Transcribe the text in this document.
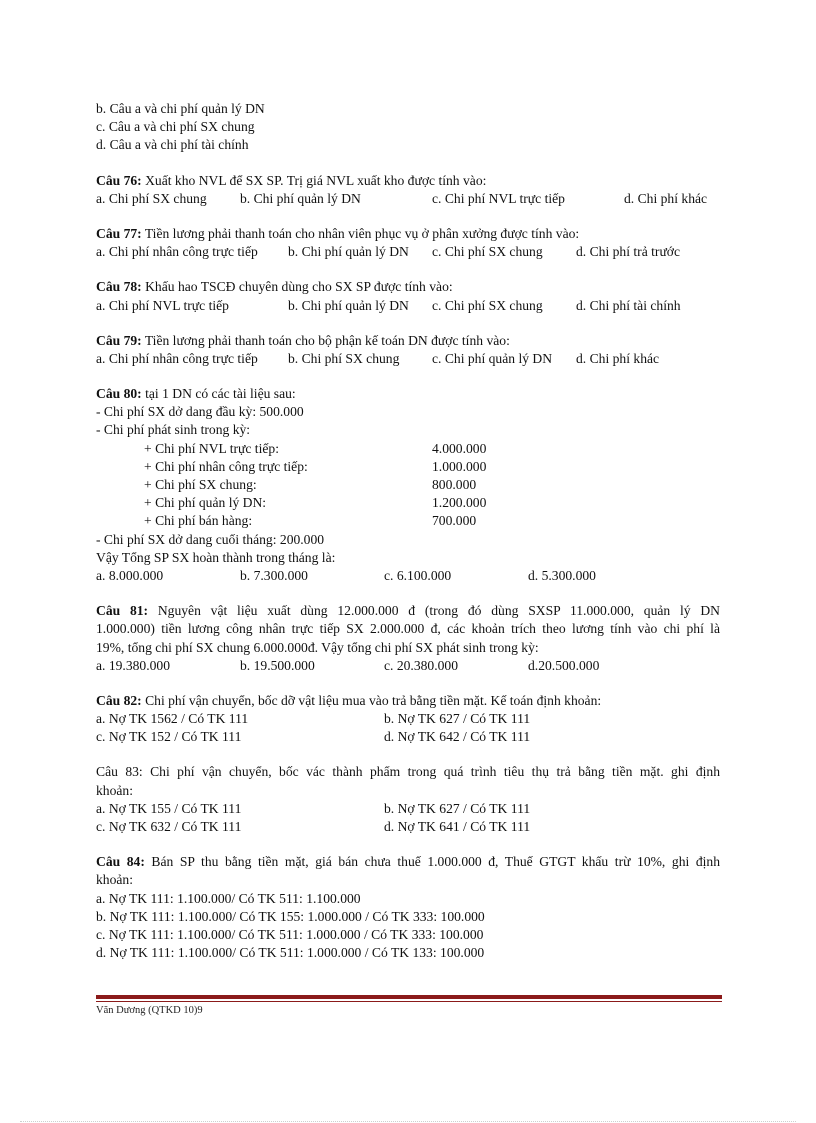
b. Câu a và chi phí quản lý DN
c. Câu a và chi phí SX chung
d. Câu a và chi phí tài chính
Câu 76: Xuất kho NVL để SX SP. Trị giá NVL xuất kho được tính vào:
a. Chi phí SX chung b. Chi phí quản lý DN	c. Chi phí NVL trực tiếp	d. Chi phí khác
Câu 77: Tiền lương phải thanh toán cho nhân viên phục vụ ở phân xưởng được tính vào:
a. Chi phí nhân công trực tiếp b. Chi phí quản lý DN c. Chi phí SX chung d. Chi phí trả trước
Câu 78: Khấu hao TSCĐ chuyên dùng cho SX SP được tính vào:
a. Chi phí NVL trực tiếp	b. Chi phí quản lý DN c. Chi phí SX chung d. Chi phí tài chính
Câu 79: Tiền lương phải thanh toán cho bộ phận kế toán DN được tính vào:
a. Chi phí nhân công trực tiếp b. Chi phí SX chung c. Chi phí quản lý DN d. Chi phí khác
Câu 80: tại 1 DN có các tài liệu sau:
- Chi phí SX dở dang đầu kỳ: 500.000
- Chi phí phát sinh trong kỳ:
+ Chi phí NVL trực tiếp:	4.000.000
+ Chi phí nhân công trực tiếp:	1.000.000
+ Chi phí SX chung:	800.000
+ Chi phí quản lý DN:	1.200.000
+ Chi phí bán hàng:	700.000
- Chi phí SX dở dang cuối tháng: 200.000
Vậy Tổng SP SX hoàn thành trong tháng là:
a. 8.000.000	b. 7.300.000	c. 6.100.000	d. 5.300.000
Câu 81: Nguyên vật liệu xuất dùng 12.000.000 đ (trong đó dùng SXSP 11.000.000, quản lý DN
1.000.000) tiền lương công nhân trực tiếp SX 2.000.000 đ, các khoản trích theo lương tính vào chi phí là
19%, tổng chi phí SX chung 6.000.000đ. Vậy tổng chi phí SX phát sinh trong kỳ:
a. 19.380.000	b. 19.500.000	c. 20.380.000	d.20.500.000
Câu 82: Chi phí vận chuyển, bốc dỡ vật liệu mua vào trả bằng tiền mặt. Kế toán định khoản:
a. Nợ TK 1562 / Có TK 111	b. Nợ TK 627 / Có TK 111
c. Nợ TK 152 / Có TK 111	d. Nợ TK 642 / Có TK 111
Câu 83: Chi phí vận chuyển, bốc vác thành phẩm trong quá trình tiêu thụ trả bằng tiền mặt. ghi định
khoản:
a. Nợ TK 155 / Có TK 111	b. Nợ TK 627 / Có TK 111
c. Nợ TK 632 / Có TK 111	d. Nợ TK 641 / Có TK 111
Câu 84: Bán SP thu bằng tiền mặt, giá bán chưa thuế 1.000.000 đ, Thuế GTGT khấu trừ 10%, ghi định
khoản:
a. Nợ TK 111: 1.100.000/ Có TK 511: 1.100.000
b. Nợ TK 111: 1.100.000/ Có TK 155: 1.000.000 / Có TK 333: 100.000
c. Nợ TK 111: 1.100.000/ Có TK 511: 1.000.000 / Có TK 333: 100.000
d. Nợ TK 111: 1.100.000/ Có TK 511: 1.000.000 / Có TK 133: 100.000
Văn Dương (QTKD 10)9
